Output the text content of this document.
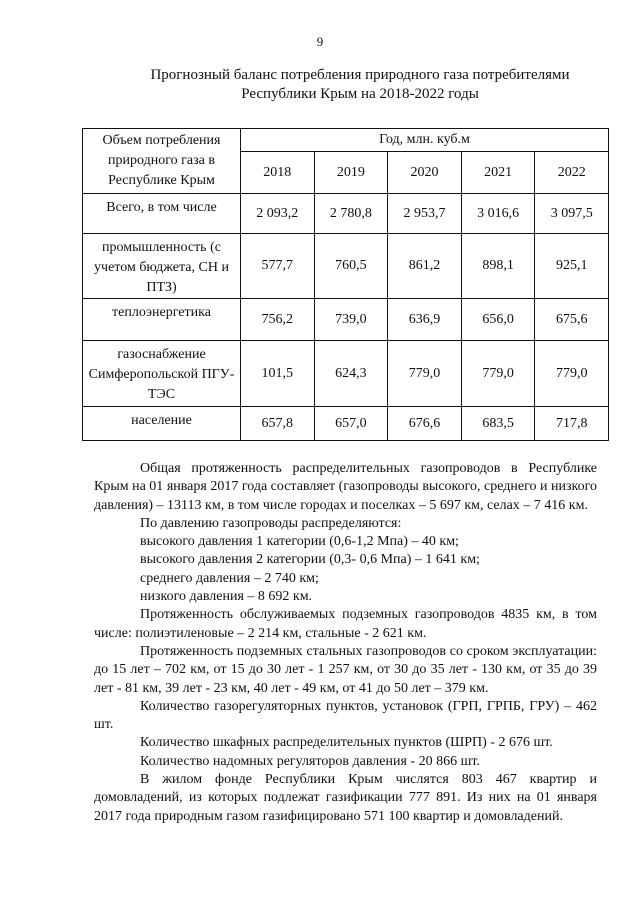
9
Прогнозный баланс потребления природного газа потребителями
Республики Крым на 2018-2022 годы
Объем потребления природного газа в Республике Крым	Год, млн. куб.м				
	2018	2019	2020	2021	2022
Всего, в том числе	2 093,2	2 780,8	2 953,7	3 016,6	3 097,5
промышленность (с учетом бюджета, СН и ПТЗ)	577,7	760,5	861,2	898,1	925,1
теплоэнергетика	756,2	739,0	636,9	656,0	675,6
газоснабжение Симферопольской ПГУ-ТЭС	101,5	624,3	779,0	779,0	779,0
население	657,8	657,0	676,6	683,5	717,8

Общая протяженность распределительных газопроводов в Республике Крым на 01 января 2017 года составляет (газопроводы высокого, среднего и низкого давления) – 13113 км, в том числе городах и поселках – 5 697 км, селах – 7 416 км.

По давлению газопроводы распределяются:

высокого давления 1 категории (0,6-1,2 Мпа) – 40 км;

высокого давления 2 категории (0,3- 0,6 Мпа) – 1 641 км;

среднего давления – 2 740 км;

низкого давления – 8 692 км.

Протяженность обслуживаемых подземных газопроводов 4835 км, в том числе: полиэтиленовые – 2 214 км, стальные - 2 621 км.

Протяженность подземных стальных газопроводов со сроком эксплуатации: до 15 лет – 702 км, от 15 до 30 лет - 1 257 км, от 30 до 35 лет - 130 км, от 35 до 39 лет - 81 км, 39 лет - 23 км, 40 лет - 49 км, от 41 до 50 лет – 379 км.

Количество газорегуляторных пунктов, установок (ГРП, ГРПБ, ГРУ) – 462 шт.

Количество шкафных распределительных пунктов (ШРП) - 2 676 шт.

Количество надомных регуляторов давления - 20 866 шт.

В жилом фонде Республики Крым числятся 803 467 квартир и домовладений, из которых подлежат газификации 777 891. Из них на 01 января 2017 года природным газом газифицировано 571 100 квартир и домовладений.
